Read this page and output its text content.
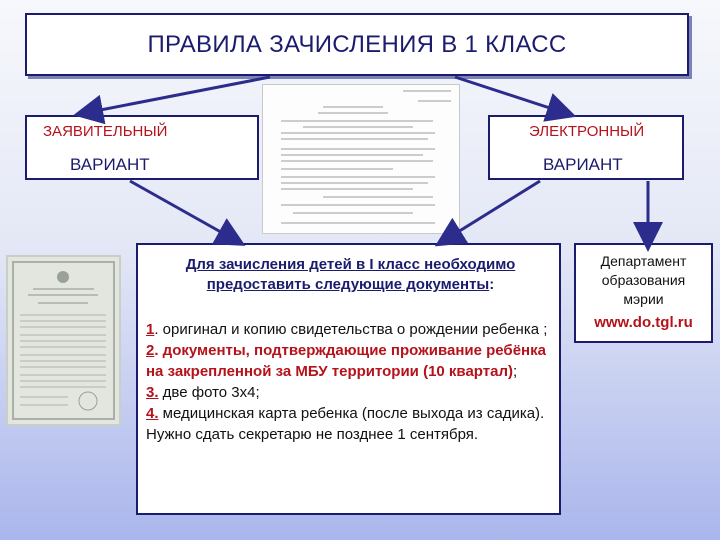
ПРАВИЛА ЗАЧИСЛЕНИЯ В 1 КЛАСС
ЗАЯВИТЕЛЬНЫЙ
ВАРИАНТ
ЭЛЕКТРОННЫЙ
ВАРИАНТ
Для зачисления детей в I класс необходимо
предоставить следующие документы:
1. оригинал и копию свидетельства о рождении ребенка ;
2. документы, подтверждающие проживание ребёнка на закрепленной за МБУ территории (10 квартал);
3. две фото 3х4;
4. медицинская карта ребенка (после выхода из садика). Нужно сдать секретарю не позднее 1 сентября.
Департамент
образования
мэрии
www.do.tgl.ru
